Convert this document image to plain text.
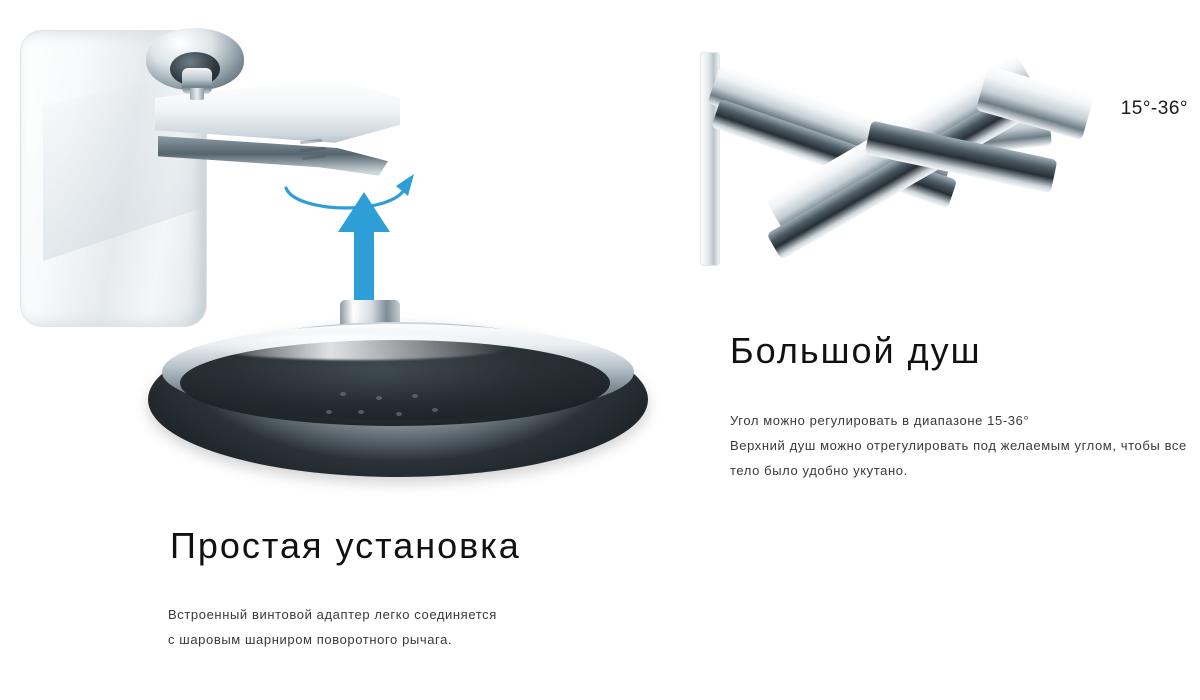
Простая установка
Встроенный винтовой адаптер легко соединяется
с шаровым шарниром поворотного рычага.
15°-36°
Большой душ
Угол можно регулировать в диапазоне 15-36°
Верхний душ можно отрегулировать под желаемым углом, чтобы все
тело было удобно укутано.
